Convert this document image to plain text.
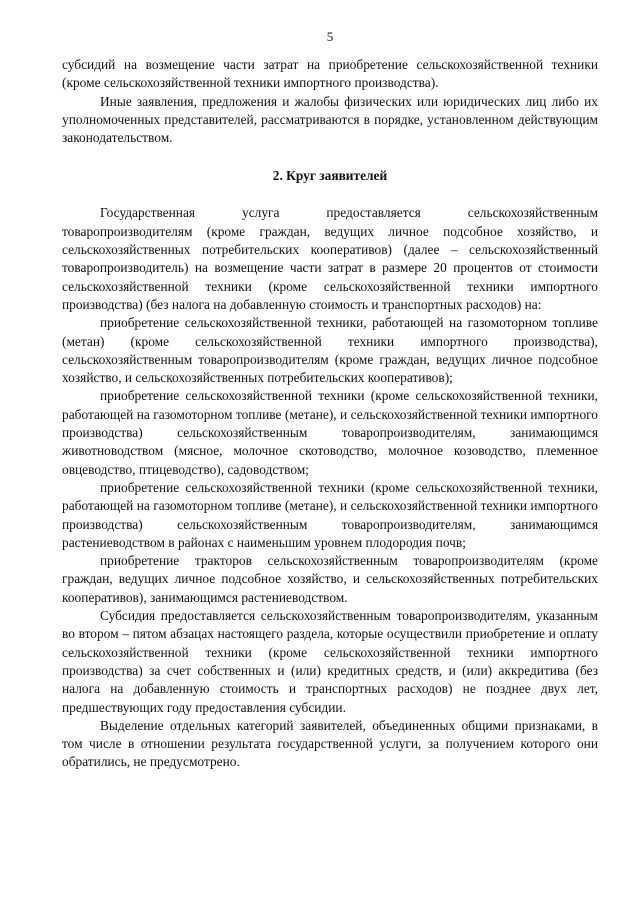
5

субсидий на возмещение части затрат на приобретение сельскохозяйственной техники (кроме сельскохозяйственной техники импортного производства).

Иные заявления, предложения и жалобы физических или юридических лиц либо их уполномоченных представителей, рассматриваются в порядке, установленном действующим законодательством.

2. Круг заявителей

Государственная услуга предоставляется сельскохозяйственным товаропроизводителям (кроме граждан, ведущих личное подсобное хозяйство, и сельскохозяйственных потребительских кооперативов) (далее – сельскохозяйственный товаропроизводитель) на возмещение части затрат в размере 20 процентов от стоимости сельскохозяйственной техники (кроме сельскохозяйственной техники импортного производства) (без налога на добавленную стоимость и транспортных расходов) на:

приобретение сельскохозяйственной техники, работающей на газомоторном топливе (метан) (кроме сельскохозяйственной техники импортного производства), сельскохозяйственным товаропроизводителям (кроме граждан, ведущих личное подсобное хозяйство, и сельскохозяйственных потребительских кооперативов);

приобретение сельскохозяйственной техники (кроме сельскохозяйственной техники, работающей на газомоторном топливе (метане), и сельскохозяйственной техники импортного производства) сельскохозяйственным товаропроизводителям, занимающимся животноводством (мясное, молочное скотоводство, молочное козоводство, племенное овцеводство, птицеводство), садоводством;

приобретение сельскохозяйственной техники (кроме сельскохозяйственной техники, работающей на газомоторном топливе (метане), и сельскохозяйственной техники импортного производства) сельскохозяйственным товаропроизводителям, занимающимся растениеводством в районах с наименьшим уровнем плодородия почв;

приобретение тракторов сельскохозяйственным товаропроизводителям (кроме граждан, ведущих личное подсобное хозяйство, и сельскохозяйственных потребительских кооперативов), занимающимся растениеводством.

Субсидия предоставляется сельскохозяйственным товаропроизводителям, указанным во втором – пятом абзацах настоящего раздела, которые осуществили приобретение и оплату сельскохозяйственной техники (кроме сельскохозяйственной техники импортного производства) за счет собственных и (или) кредитных средств, и (или) аккредитива (без налога на добавленную стоимость и транспортных расходов) не позднее двух лет, предшествующих году предоставления субсидии.

Выделение отдельных категорий заявителей, объединенных общими признаками, в том числе в отношении результата государственной услуги, за получением которого они обратились, не предусмотрено.
